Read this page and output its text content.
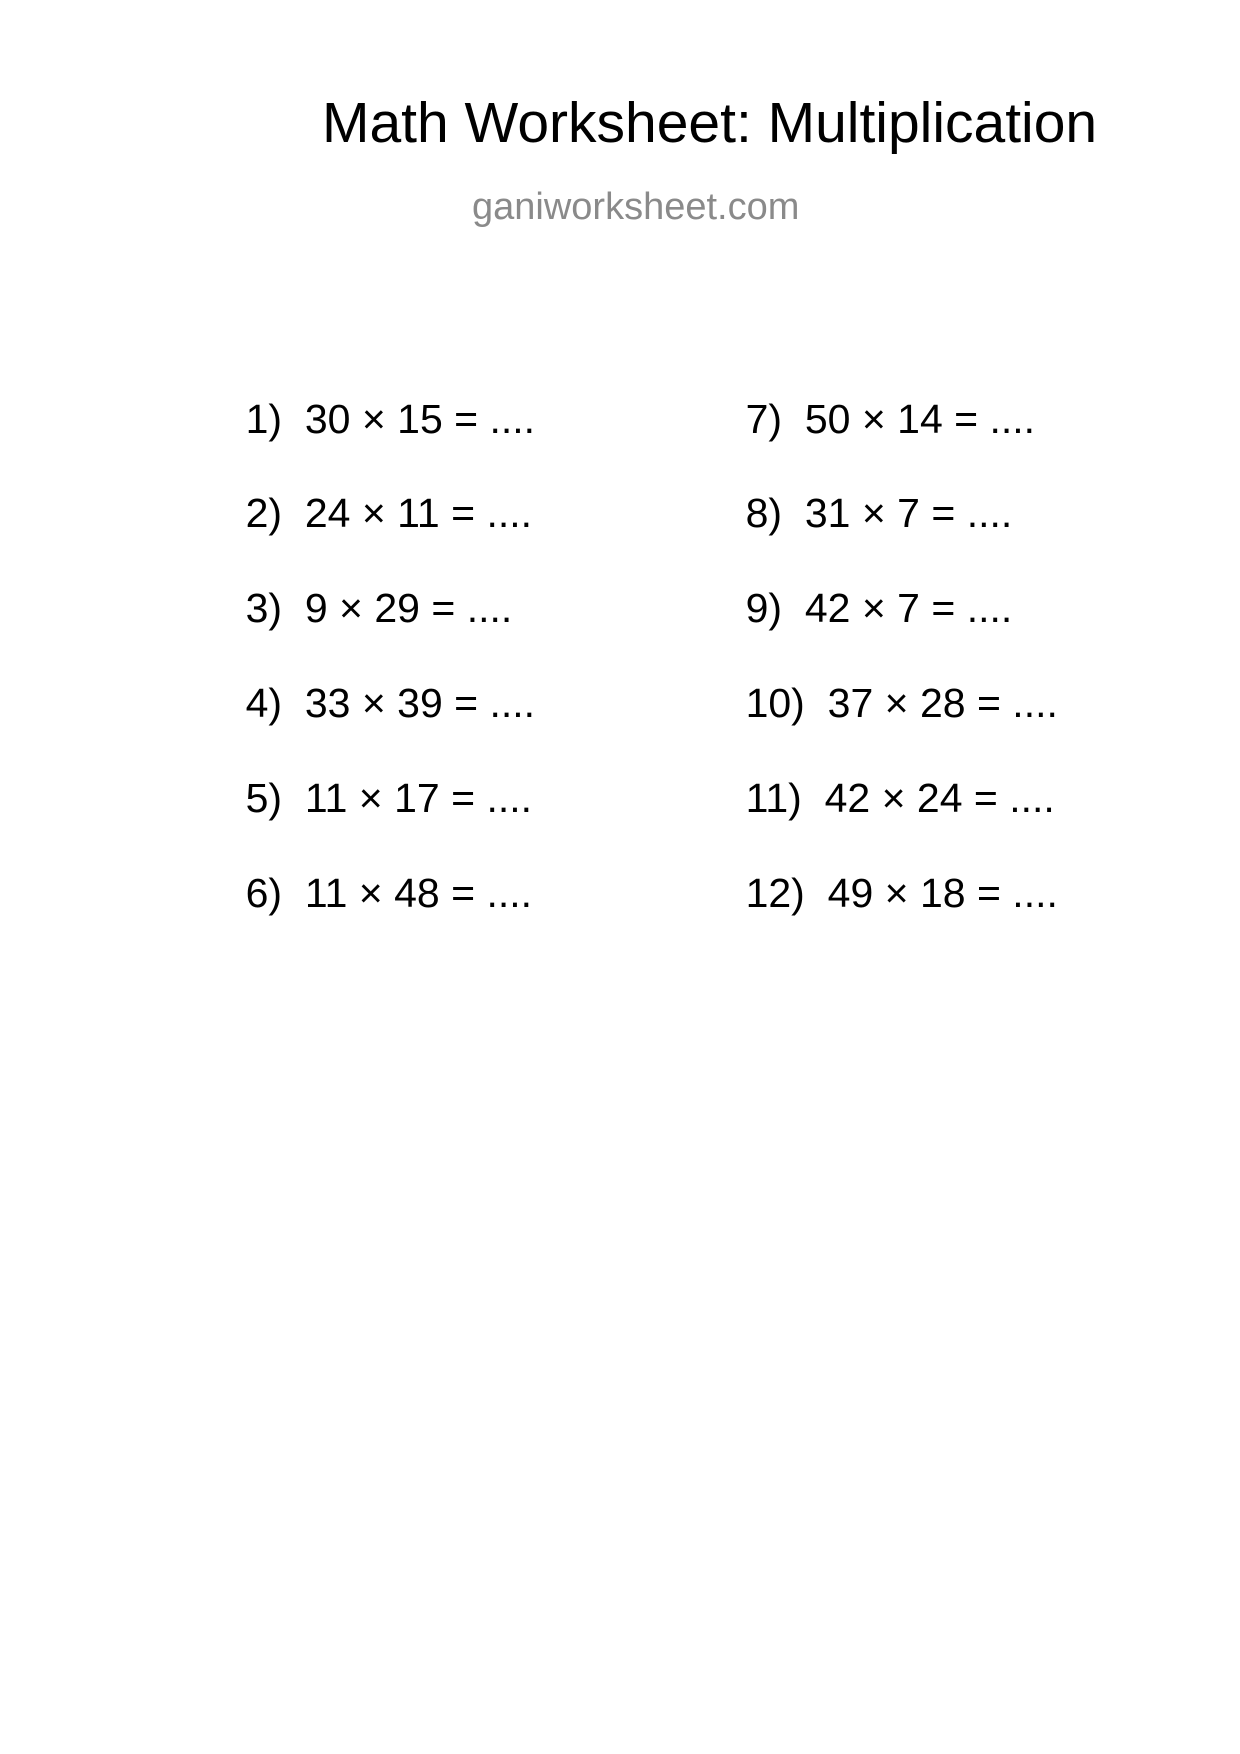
Math Worksheet: Multiplication
ganiworksheet.com

1) 30 × 15 = ....

2) 24 × 11 = ....

3) 9 × 29 = ....

4) 33 × 39 = ....

5) 11 × 17 = ....

6) 11 × 48 = ....

7) 50 × 14 = ....

8) 31 × 7 = ....

9) 42 × 7 = ....

10) 37 × 28 = ....

11) 42 × 24 = ....

12) 49 × 18 = ....
